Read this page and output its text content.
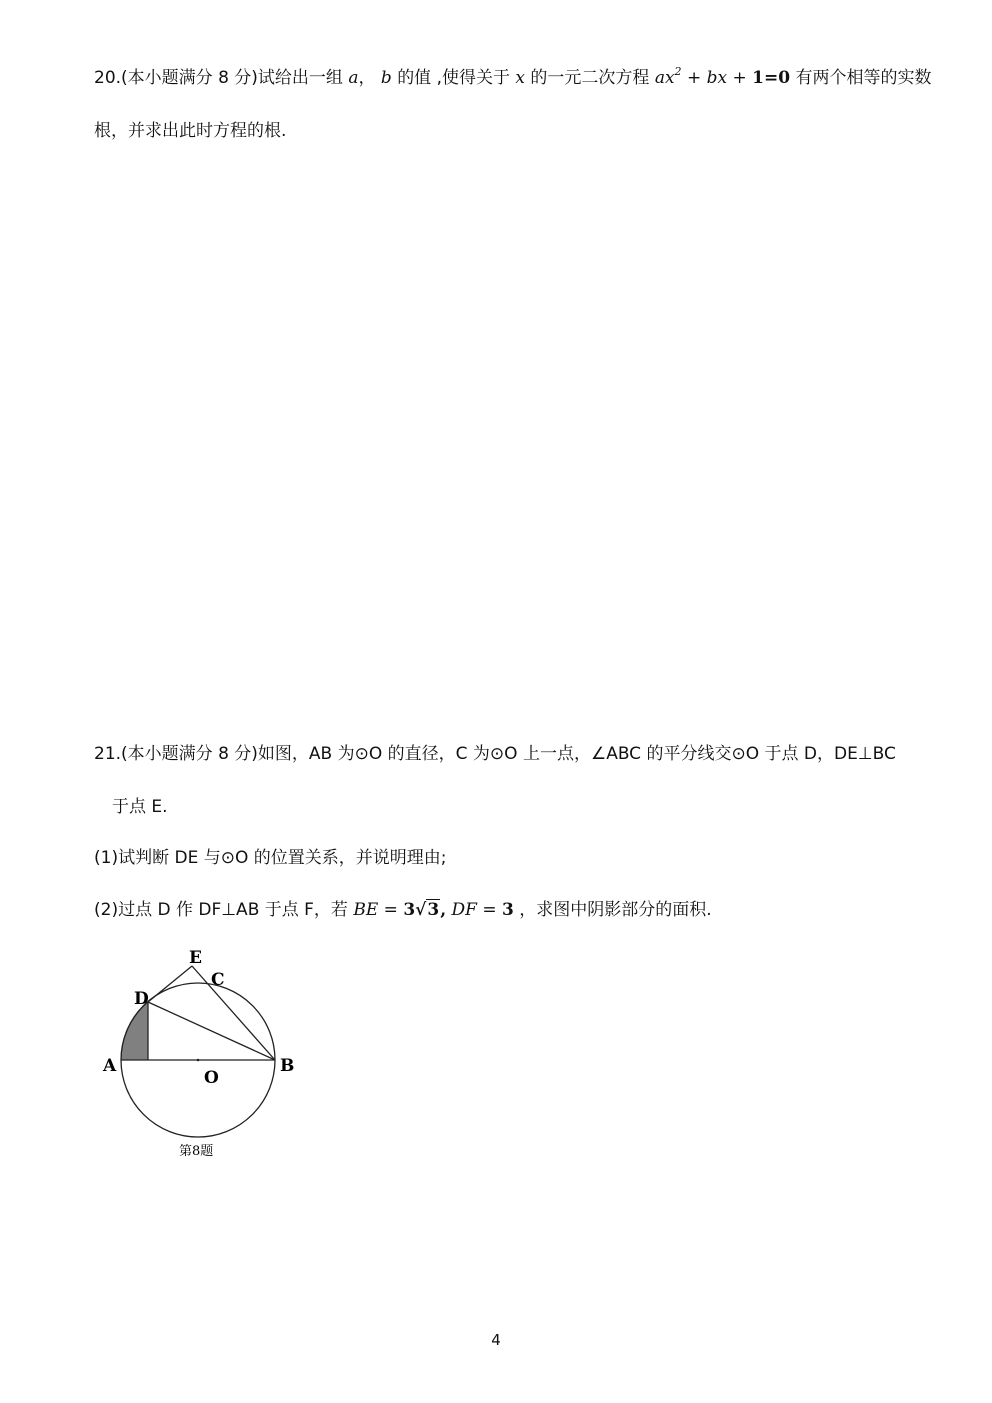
20.(本小题满分 8 分)试给出一组 a， b 的值 ,使得关于 x 的一元二次方程 $ax^2$ + bx + 1=0 有两个相等的实数
根，并求出此时方程的根.
21.(本小题满分 8 分)如图，AB 为⊙O 的直径，C 为⊙O 上一点，∠ABC 的平分线交⊙O 于点 D，DE⊥BC
于点 E.
(1)试判断 DE 与⊙O 的位置关系，并说明理由;
(2)过点 D 作 DF⊥AB 于点 F，若 BE = 3√3, DF = 3 ，求图中阴影部分的面积.
E
C
D
A	B
O
第8题
4
